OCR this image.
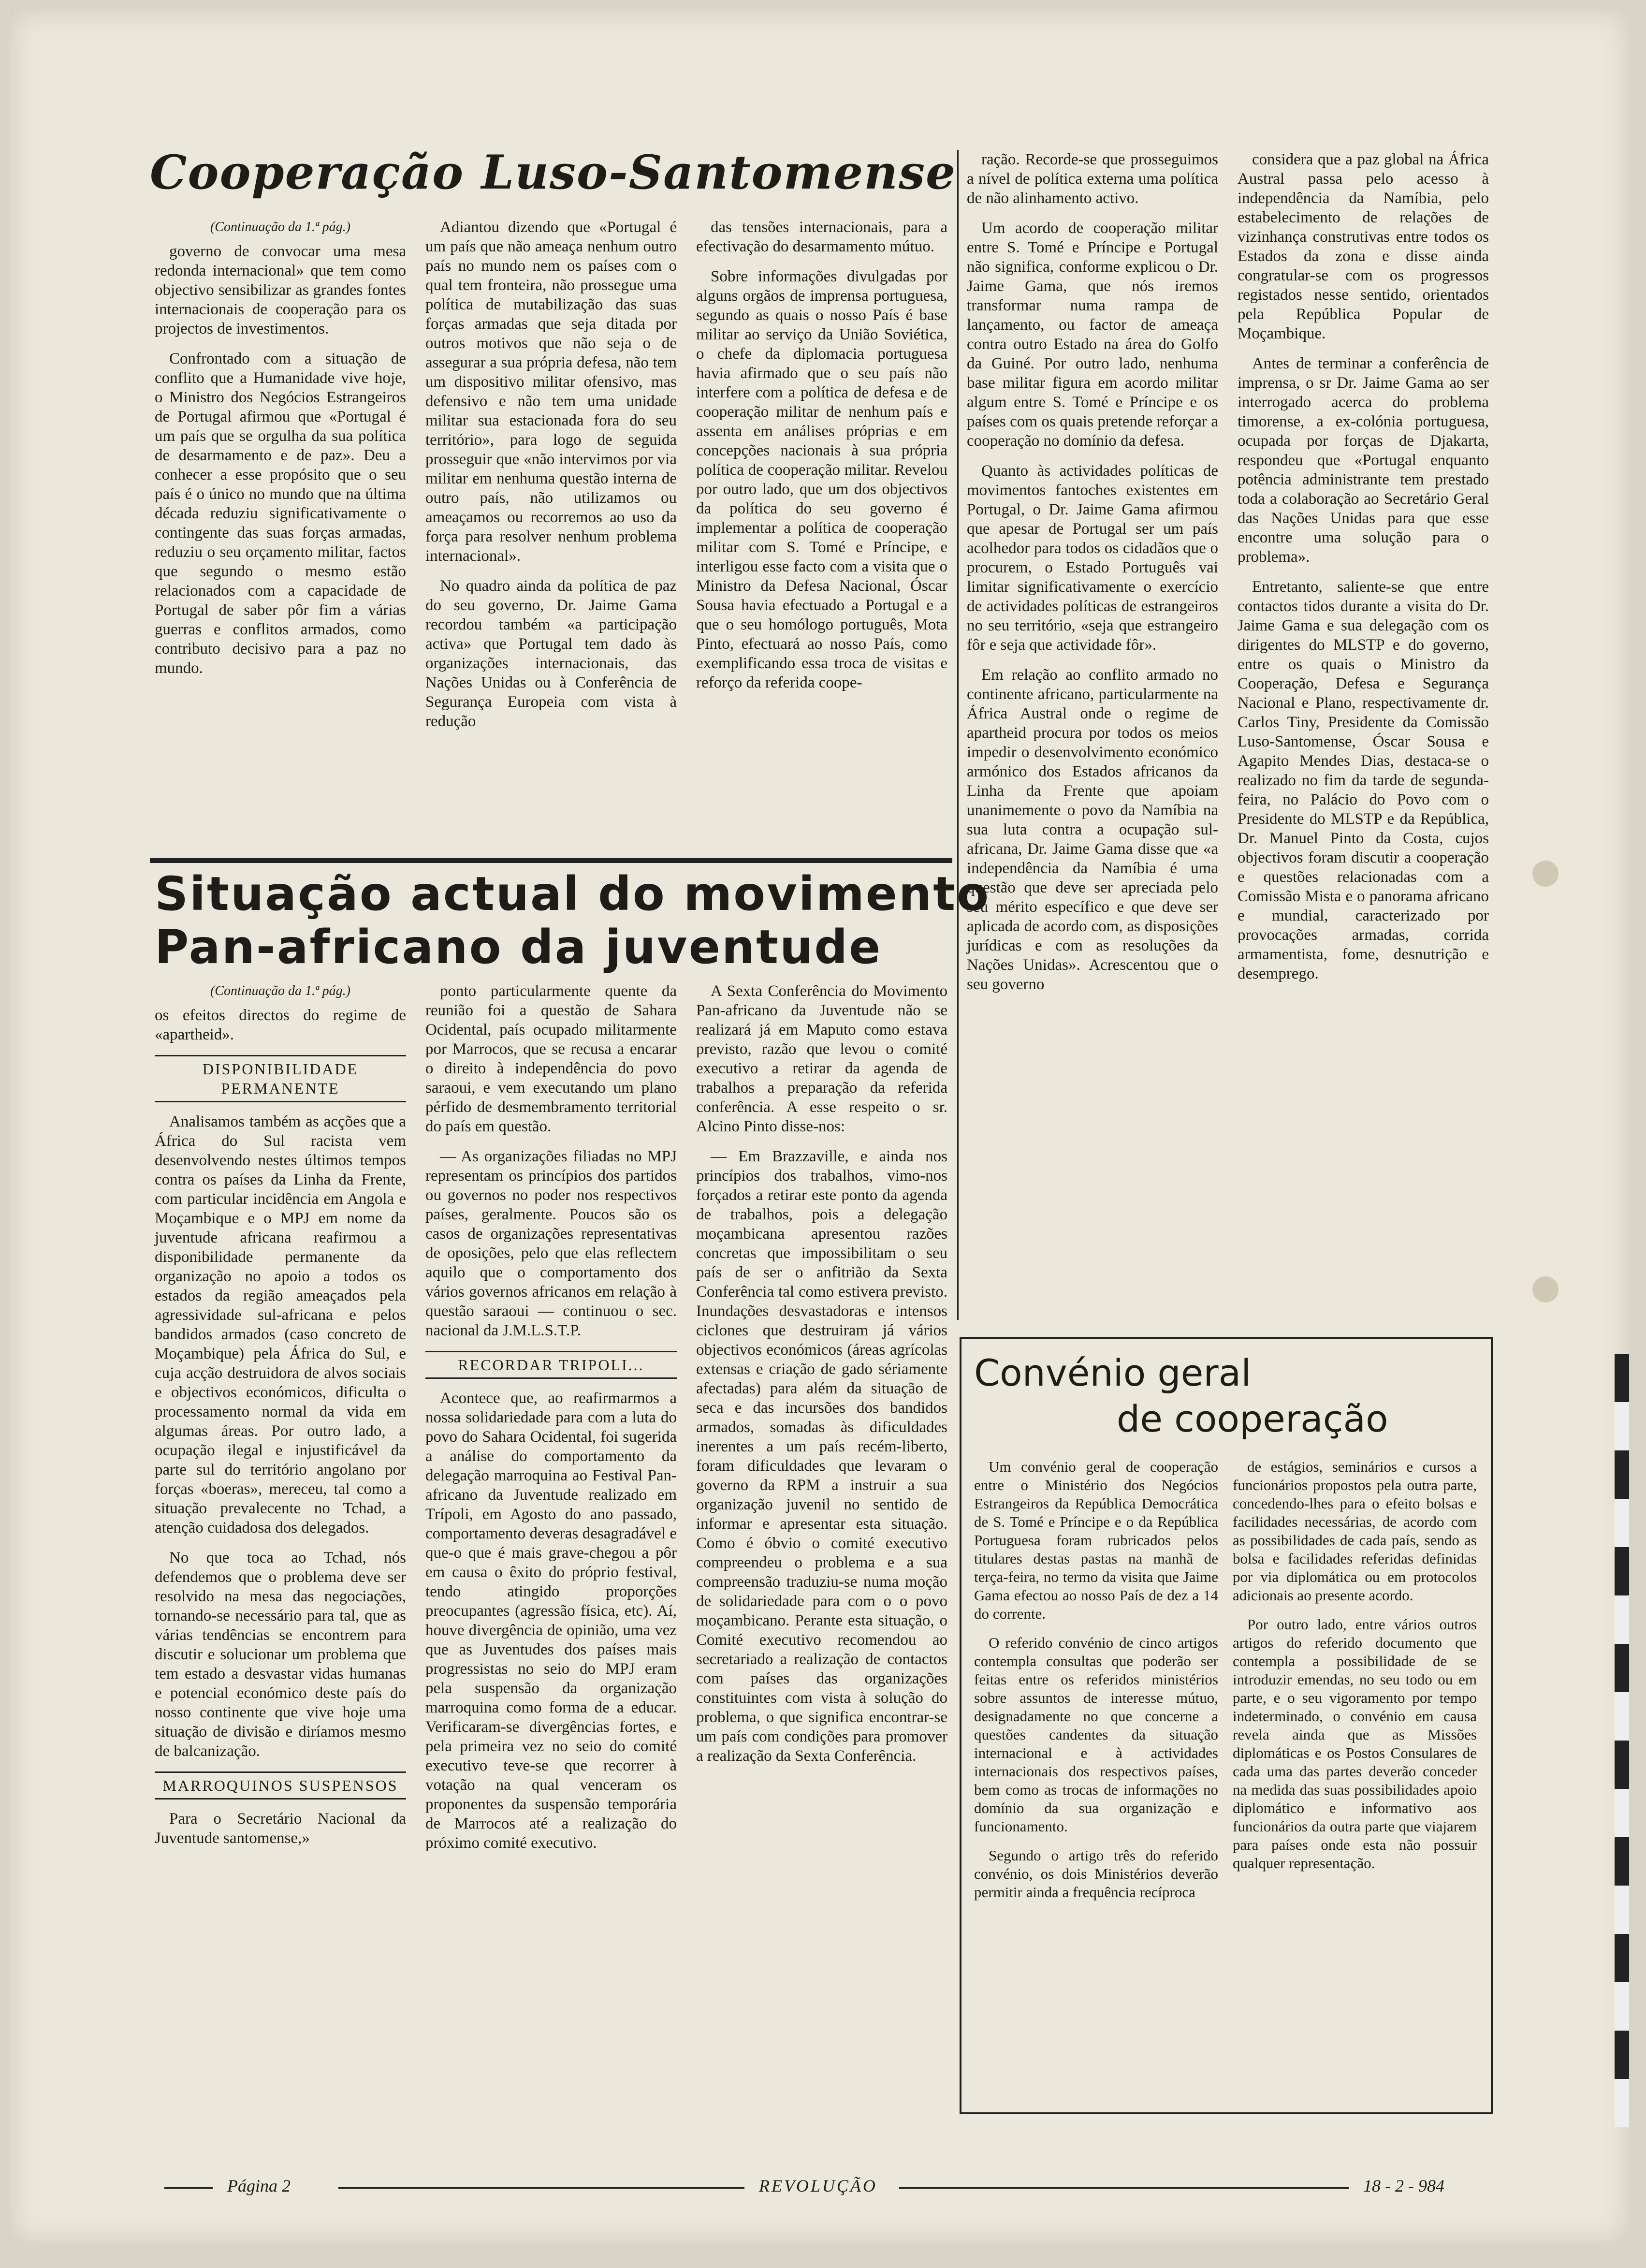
Cooperação Luso-Santomense
(Continuação da 1.ª pág.)

governo de convocar uma mesa redonda internacional» que tem como objectivo sensibilizar as grandes fontes internacionais de cooperação para os projectos de investimentos.

Confrontado com a situação de conflito que a Humanidade vive hoje, o Ministro dos Negócios Estrangeiros de Portugal afirmou que «Portugal é um país que se orgulha da sua política de desarmamento e de paz». Deu a conhecer a esse propósito que o seu país é o único no mundo que na última década reduziu significativamente o contingente das suas forças armadas, reduziu o seu orçamento militar, factos que segundo o mesmo estão relacionados com a capacidade de Portugal de saber pôr fim a várias guerras e conflitos armados, como contributo decisivo para a paz no mundo.

Adiantou dizendo que «Portugal é um país que não ameaça nenhum outro país no mundo nem os países com o qual tem fronteira, não prossegue uma política de mutabilização das suas forças armadas que seja ditada por outros motivos que não seja o de assegurar a sua própria defesa, não tem um dispositivo militar ofensivo, mas defensivo e não tem uma unidade militar sua estacionada fora do seu território», para logo de seguida prosseguir que «não intervimos por via militar em nenhuma questão interna de outro país, não utilizamos ou ameaçamos ou recorremos ao uso da força para resolver nenhum problema internacional».

No quadro ainda da política de paz do seu governo, Dr. Jaime Gama recordou também «a participação activa» que Portugal tem dado às organizações internacionais, das Nações Unidas ou à Conferência de Segurança Europeia com vista à redução

das tensões internacionais, para a efectivação do desarmamento mútuo.

Sobre informações divulgadas por alguns orgãos de imprensa portuguesa, segundo as quais o nosso País é base militar ao serviço da União Soviética, o chefe da diplomacia portuguesa havia afirmado que o seu país não interfere com a política de defesa e de cooperação militar de nenhum país e assenta em análises próprias e em concepções nacionais à sua própria política de cooperação militar. Revelou por outro lado, que um dos objectivos da política do seu governo é implementar a política de cooperação militar com S. Tomé e Príncipe, e interligou esse facto com a visita que o Ministro da Defesa Nacional, Óscar Sousa havia efectuado a Portugal e a que o seu homólogo português, Mota Pinto, efectuará ao nosso País, como exemplificando essa troca de visitas e reforço da referida coope-

ração. Recorde-se que prosseguimos a nível de política externa uma política de não alinhamento activo.

Um acordo de cooperação militar entre S. Tomé e Príncipe e Portugal não significa, conforme explicou o Dr. Jaime Gama, que nós iremos transformar numa rampa de lançamento, ou factor de ameaça contra outro Estado na área do Golfo da Guiné. Por outro lado, nenhuma base militar figura em acordo militar algum entre S. Tomé e Príncipe e os países com os quais pretende reforçar a cooperação no domínio da defesa.

Quanto às actividades políticas de movimentos fantoches existentes em Portugal, o Dr. Jaime Gama afirmou que apesar de Portugal ser um país acolhedor para todos os cidadãos que o procurem, o Estado Português vai limitar significativamente o exercício de actividades políticas de estrangeiros no seu território, «seja que estrangeiro fôr e seja que actividade fôr».

Em relação ao conflito armado no continente africano, particularmente na África Austral onde o regime de apartheid procura por todos os meios impedir o desenvolvimento económico armónico dos Estados africanos da Linha da Frente que apoiam unanimemente o povo da Namíbia na sua luta contra a ocupação sul-africana, Dr. Jaime Gama disse que «a independência da Namíbia é uma questão que deve ser apreciada pelo seu mérito específico e que deve ser aplicada de acordo com, as disposições jurídicas e com as resoluções da Nações Unidas». Acrescentou que o seu governo

considera que a paz global na África Austral passa pelo acesso à independência da Namíbia, pelo estabelecimento de relações de vizinhança construtivas entre todos os Estados da zona e disse ainda congratular-se com os progressos registados nesse sentido, orientados pela República Popular de Moçambique.

Antes de terminar a conferência de imprensa, o sr Dr. Jaime Gama ao ser interrogado acerca do problema timorense, a ex-colónia portuguesa, ocupada por forças de Djakarta, respondeu que «Portugal enquanto potência administrante tem prestado toda a colaboração ao Secretário Geral das Nações Unidas para que esse encontre uma solução para o problema».

Entretanto, saliente-se que entre contactos tidos durante a visita do Dr. Jaime Gama e sua delegação com os dirigentes do MLSTP e do governo, entre os quais o Ministro da Cooperação, Defesa e Segurança Nacional e Plano, respectivamente dr. Carlos Tiny, Presidente da Comissão Luso-Santomense, Óscar Sousa e Agapito Mendes Dias, destaca-se o realizado no fim da tarde de segunda-feira, no Palácio do Povo com o Presidente do MLSTP e da República, Dr. Manuel Pinto da Costa, cujos objectivos foram discutir a cooperação e questões relacionadas com a Comissão Mista e o panorama africano e mundial, caracterizado por provocações armadas, corrida armamentista, fome, desnutrição e desemprego.

Situação actual do movimento
Pan-africano da juventude
(Continuação da 1.ª pág.)

os efeitos directos do regime de «apartheid».

DISPONIBILIDADE PERMANENTE

Analisamos também as acções que a África do Sul racista vem desenvolvendo nestes últimos tempos contra os países da Linha da Frente, com particular incidência em Angola e Moçambique e o MPJ em nome da juventude africana reafirmou a disponibilidade permanente da organização no apoio a todos os estados da região ameaçados pela agressividade sul-africana e pelos bandidos armados (caso concreto de Moçambique) pela África do Sul, e cuja acção destruidora de alvos sociais e objectivos económicos, dificulta o processamento normal da vida em algumas áreas. Por outro lado, a ocupação ilegal e injustificável da parte sul do território angolano por forças «boeras», mereceu, tal como a situação prevalecente no Tchad, a atenção cuidadosa dos delegados.

No que toca ao Tchad, nós defendemos que o problema deve ser resolvido na mesa das negociações, tornando-se necessário para tal, que as várias tendências se encontrem para discutir e solucionar um problema que tem estado a desvastar vidas humanas e potencial económico deste país do nosso continente que vive hoje uma situação de divisão e diríamos mesmo de balcanização.

MARROQUINOS SUSPENSOS

Para o Secretário Nacional da Juventude santomense,»

ponto particularmente quente da reunião foi a questão de Sahara Ocidental, país ocupado militarmente por Marrocos, que se recusa a encarar o direito à independência do povo saraoui, e vem executando um plano pérfido de desmembramento territorial do país em questão.

— As organizações filiadas no MPJ representam os princípios dos partidos ou governos no poder nos respectivos países, geralmente. Poucos são os casos de organizações representativas de oposições, pelo que elas reflectem aquilo que o comportamento dos vários governos africanos em relação à questão saraoui — continuou o sec. nacional da J.M.L.S.T.P.

RECORDAR TRIPOLI...

Acontece que, ao reafirmarmos a nossa solidariedade para com a luta do povo do Sahara Ocidental, foi sugerida a análise do comportamento da delegação marroquina ao Festival Pan-africano da Juventude realizado em Trípoli, em Agosto do ano passado, comportamento deveras desagradável e que-o que é mais grave-chegou a pôr em causa o êxito do próprio festival, tendo atingido proporções preocupantes (agressão física, etc). Aí, houve divergência de opinião, uma vez que as Juventudes dos países mais progressistas no seio do MPJ eram pela suspensão da organização marroquina como forma de a educar. Verificaram-se divergências fortes, e pela primeira vez no seio do comité executivo teve-se que recorrer à votação na qual venceram os proponentes da suspensão temporária de Marrocos até a realização do próximo comité executivo.

A Sexta Conferência do Movimento Pan-africano da Juventude não se realizará já em Maputo como estava previsto, razão que levou o comité executivo a retirar da agenda de trabalhos a preparação da referida conferência. A esse respeito o sr. Alcino Pinto disse-nos:

— Em Brazzaville, e ainda nos princípios dos trabalhos, vimo-nos forçados a retirar este ponto da agenda de trabalhos, pois a delegação moçambicana apresentou razões concretas que impossibilitam o seu país de ser o anfitrião da Sexta Conferência tal como estivera previsto. Inundações desvastadoras e intensos ciclones que destruiram já vários objectivos económicos (áreas agrícolas extensas e criação de gado sériamente afectadas) para além da situação de seca e das incursões dos bandidos armados, somadas às dificuldades inerentes a um país recém-liberto, foram dificuldades que levaram o governo da RPM a instruir a sua organização juvenil no sentido de informar e apresentar esta situação. Como é óbvio o comité executivo compreendeu o problema e a sua compreensão traduziu-se numa moção de solidariedade para com o o povo moçambicano. Perante esta situação, o Comité executivo recomendou ao secretariado a realização de contactos com países das organizações constituintes com vista à solução do problema, o que significa encontrar-se um país com condições para promover a realização da Sexta Conferência.

Convénio geral
de cooperação

Um convénio geral de cooperação entre o Ministério dos Negócios Estrangeiros da República Democrática de S. Tomé e Príncipe e o da República Portuguesa foram rubricados pelos titulares destas pastas na manhã de terça-feira, no termo da visita que Jaime Gama efectou ao nosso País de dez a 14 do corrente.

O referido convénio de cinco artigos contempla consultas que poderão ser feitas entre os referidos ministérios sobre assuntos de interesse mútuo, designadamente no que concerne a questões candentes da situação internacional e à actividades internacionais dos respectivos países, bem como as trocas de informações no domínio da sua organização e funcionamento.

Segundo o artigo três do referido convénio, os dois Ministérios deverão permitir ainda a frequência recíproca

de estágios, seminários e cursos a funcionários propostos pela outra parte, concedendo-lhes para o efeito bolsas e facilidades necessárias, de acordo com as possibilidades de cada país, sendo as bolsa e facilidades referidas definidas por via diplomática ou em protocolos adicionais ao presente acordo.

Por outro lado, entre vários outros artigos do referido documento que contempla a possibilidade de se introduzir emendas, no seu todo ou em parte, e o seu vigoramento por tempo indeterminado, o convénio em causa revela ainda que as Missões diplomáticas e os Postos Consulares de cada uma das partes deverão conceder na medida das suas possibilidades apoio diplomático e informativo aos funcionários da outra parte que viajarem para países onde esta não possuir qualquer representação.

Página 2	REVOLUÇÃO	18 - 2 - 984
